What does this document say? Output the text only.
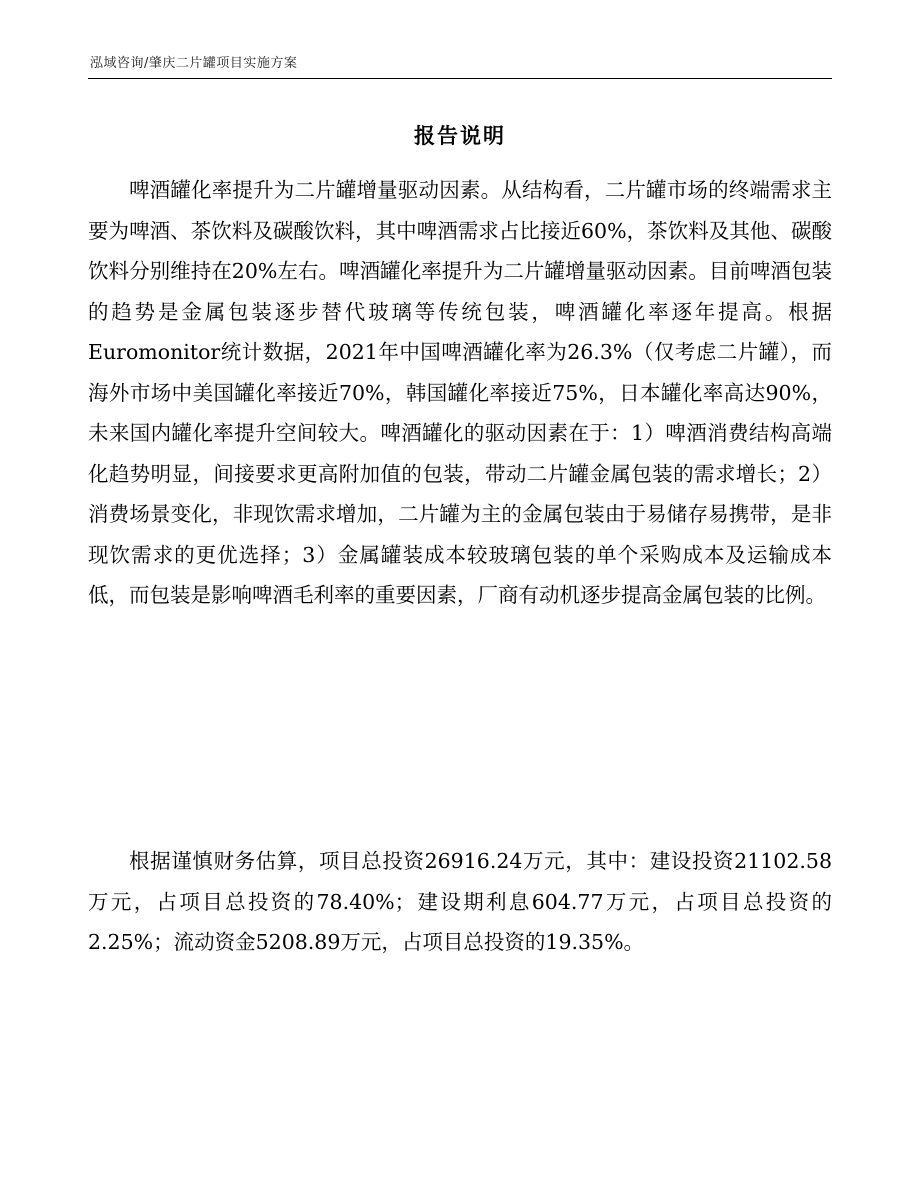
泓域咨询/肇庆二片罐项目实施方案
报告说明

啤酒罐化率提升为二片罐增量驱动因素。从结构看，二片罐市场的终端需求主要为啤酒、茶饮料及碳酸饮料，其中啤酒需求占比接近60%，茶饮料及其他、碳酸饮料分别维持在20%左右。啤酒罐化率提升为二片罐增量驱动因素。目前啤酒包装的趋势是金属包装逐步替代玻璃等传统包装，啤酒罐化率逐年提高。根据Euromonitor统计数据，2021年中国啤酒罐化率为26.3%（仅考虑二片罐），而海外市场中美国罐化率接近70%，韩国罐化率接近75%，日本罐化率高达90%，未来国内罐化率提升空间较大。啤酒罐化的驱动因素在于：1）啤酒消费结构高端化趋势明显，间接要求更高附加值的包装，带动二片罐金属包装的需求增长；2）消费场景变化，非现饮需求增加，二片罐为主的金属包装由于易储存易携带，是非现饮需求的更优选择；3）金属罐装成本较玻璃包装的单个采购成本及运输成本低，而包装是影响啤酒毛利率的重要因素，厂商有动机逐步提高金属包装的比例。

根据谨慎财务估算，项目总投资26916.24万元，其中：建设投资21102.58万元，占项目总投资的78.40%；建设期利息604.77万元，占项目总投资的2.25%；流动资金5208.89万元，占项目总投资的19.35%。
